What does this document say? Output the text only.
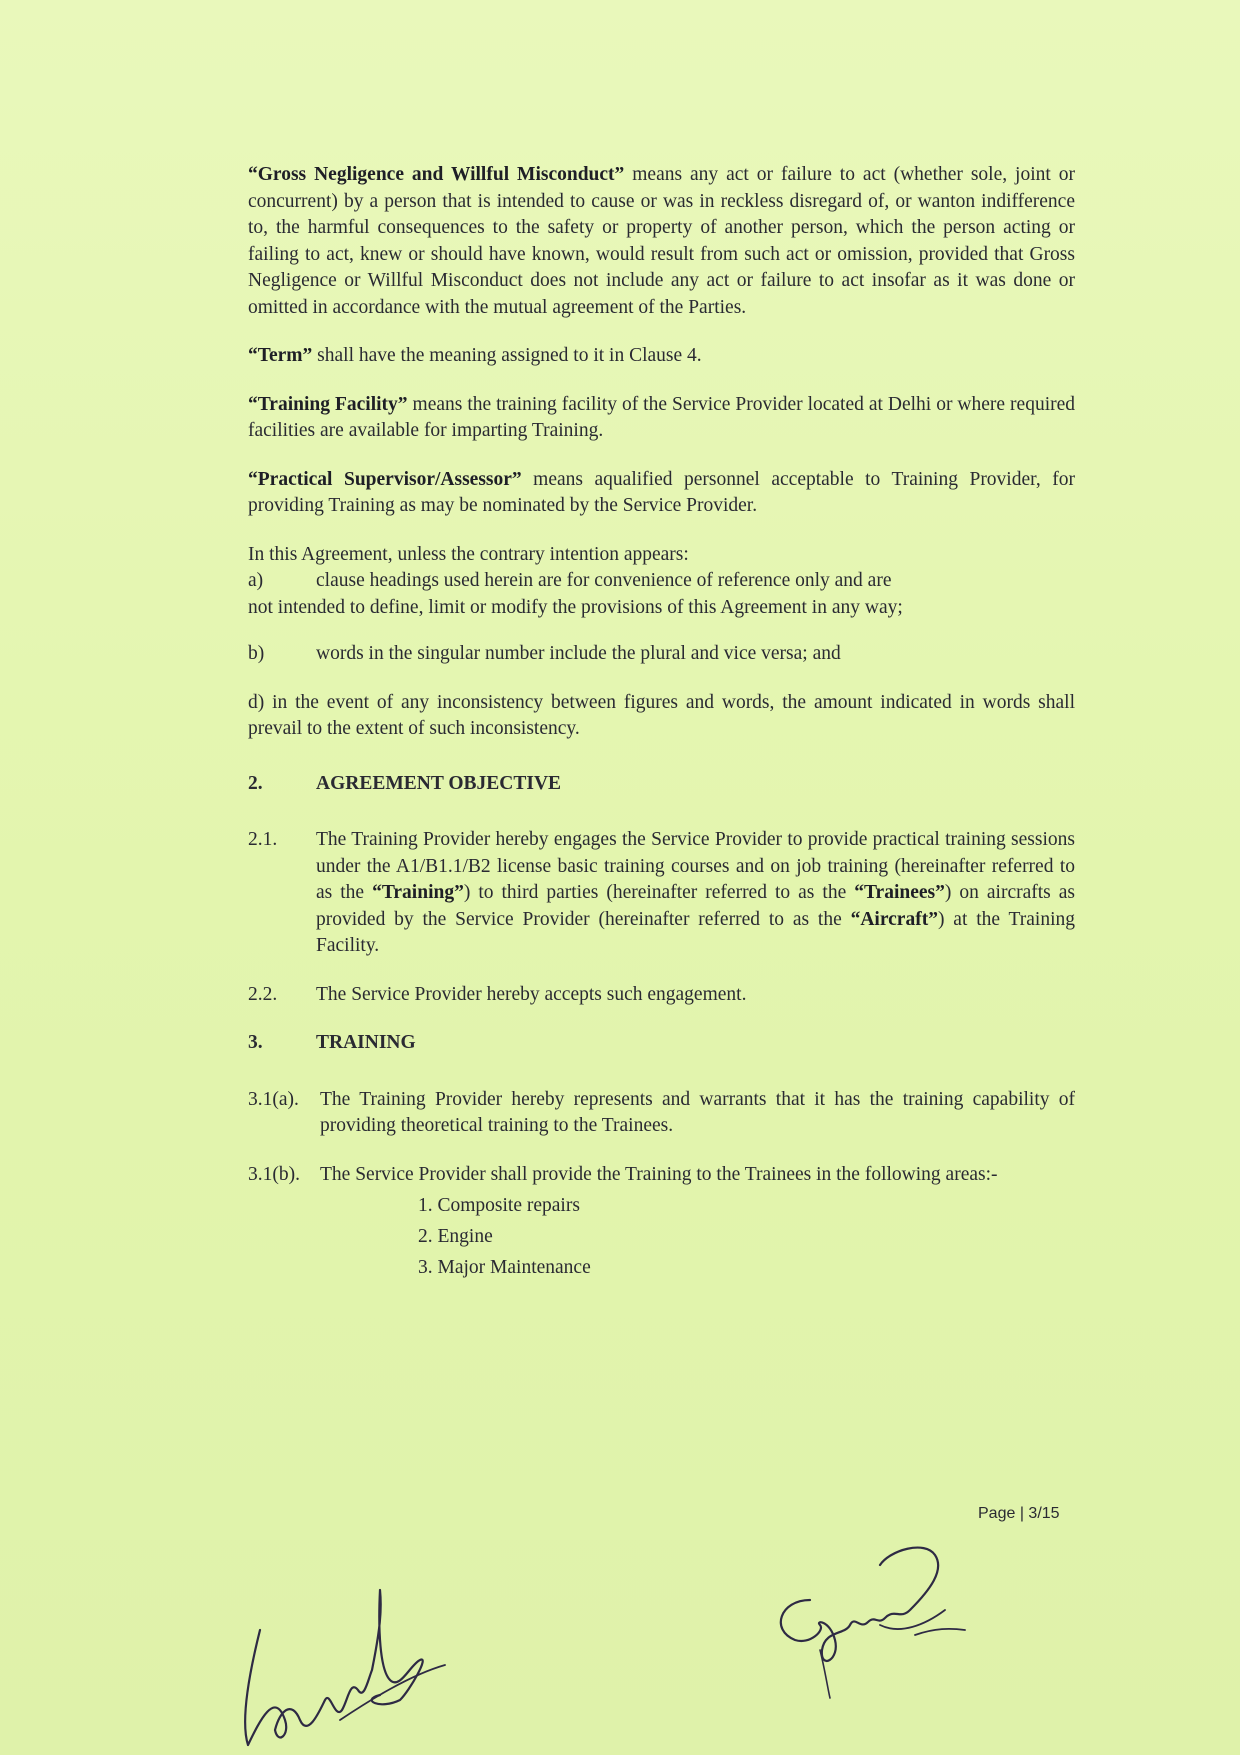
“Gross Negligence and Willful Misconduct” means any act or failure to act (whether sole, joint or concurrent) by a person that is intended to cause or was in reckless disregard of, or wanton indifference to, the harmful consequences to the safety or property of another person, which the person acting or failing to act, knew or should have known, would result from such act or omission, provided that Gross Negligence or Willful Misconduct does not include any act or failure to act insofar as it was done or omitted in accordance with the mutual agreement of the Parties.

“Term” shall have the meaning assigned to it in Clause 4.

“Training Facility” means the training facility of the Service Provider located at Delhi or where required facilities are available for imparting Training.

“Practical Supervisor/Assessor” means aqualified personnel acceptable to Training Provider, for providing Training as may be nominated by the Service Provider.

In this Agreement, unless the contrary intention appears:

a)	clause headings used herein are for convenience of reference only and are

not intended to define, limit or modify the provisions of this Agreement in any way;

b)	words in the singular number include the plural and vice versa; and

d) in the event of any inconsistency between figures and words, the amount indicated in words shall prevail to the extent of such inconsistency.

2.	AGREEMENT OBJECTIVE
2.1.	The Training Provider hereby engages the Service Provider to provide practical training sessions under the A1/B1.1/B2 license basic training courses and on job training (hereinafter referred to as the “Training”) to third parties (hereinafter referred to as the “Trainees”) on aircrafts as provided by the Service Provider (hereinafter referred to as the “Aircraft”) at the Training Facility.
2.2.	The Service Provider hereby accepts such engagement.
3.	TRAINING
3.1(a).	The Training Provider hereby represents and warrants that it has the training capability of providing theoretical training to the Trainees.
3.1(b).	The Service Provider shall provide the Training to the Trainees in the following areas:-
1. Composite repairs
2. Engine
3. Major Maintenance
Page | 3/15
